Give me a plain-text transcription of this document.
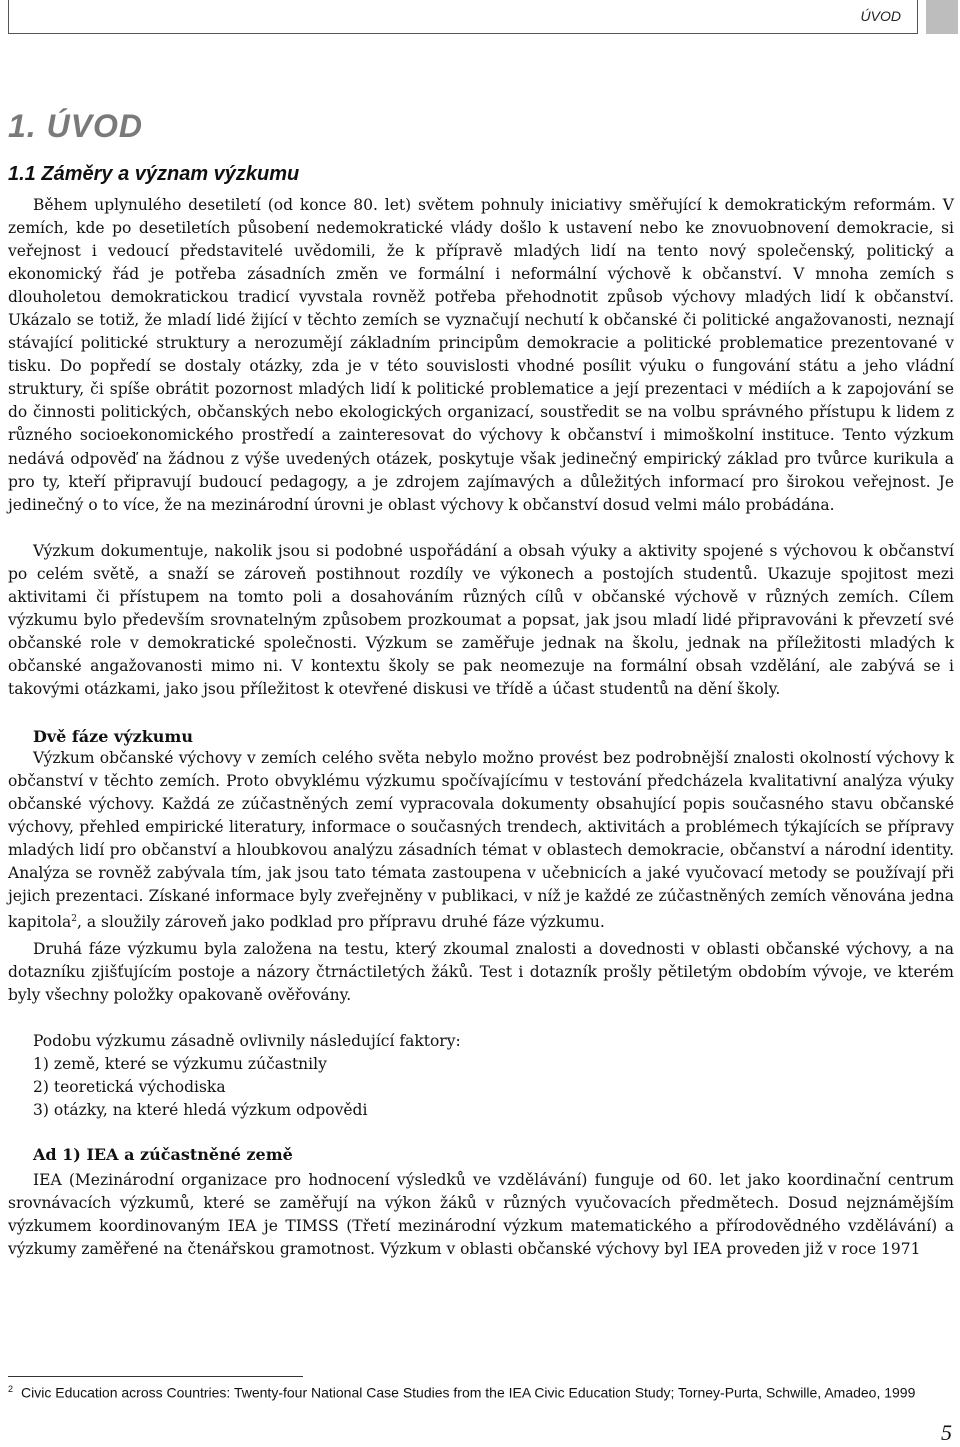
ÚVOD
1. ÚVOD
1.1 Záměry a význam výzkumu

Během uplynulého desetiletí (od konce 80. let) světem pohnuly iniciativy směřující k demokratickým reformám. V zemích, kde po desetiletích působení nedemokratické vlády došlo k ustavení nebo ke znovuobnovení demokracie, si veřejnost i vedoucí představitelé uvědomili, že k přípravě mladých lidí na tento nový společenský, politický a ekonomický řád je potřeba zásadních změn ve formální i neformální výchově k občanství. V mnoha zemích s dlouholetou demokratickou tradicí vyvstala rovněž potřeba přehodnotit způsob výchovy mladých lidí k občanství. Ukázalo se totiž, že mladí lidé žijící v těchto zemích se vyznačují nechutí k občanské či politické angažovanosti, neznají stávající politické struktury a nerozumějí základním principům demokracie a politické problematice prezentované v tisku. Do popředí se dostaly otázky, zda je v této souvislosti vhodné posílit výuku o fungování státu a jeho vládní struktury, či spíše obrátit pozornost mladých lidí k politické problematice a její prezentaci v médiích a k zapojování se do činnosti politických, občanských nebo ekologických organizací, soustředit se na volbu správného přístupu k lidem z různého socioekonomického prostředí a zainteresovat do výchovy k občanství i mimoškolní instituce. Tento výzkum nedává odpověď na žádnou z výše uvedených otázek, poskytuje však jedinečný empirický základ pro tvůrce kurikula a pro ty, kteří připravují budoucí pedagogy, a je zdrojem zajímavých a důležitých informací pro širokou veřejnost. Je jedinečný o to více, že na mezinárodní úrovni je oblast výchovy k občanství dosud velmi málo probádána.

Výzkum dokumentuje, nakolik jsou si podobné uspořádání a obsah výuky a aktivity spojené s výchovou k občanství po celém světě, a snaží se zároveň postihnout rozdíly ve výkonech a postojích studentů. Ukazuje spojitost mezi aktivitami či přístupem na tomto poli a dosahováním různých cílů v občanské výchově v různých zemích. Cílem výzkumu bylo především srovnatelným způsobem prozkoumat a popsat, jak jsou mladí lidé připravováni k převzetí své občanské role v demokratické společnosti. Výzkum se zaměřuje jednak na školu, jednak na příležitosti mladých k občanské angažovanosti mimo ni. V kontextu školy se pak neomezuje na formální obsah vzdělání, ale zabývá se i takovými otázkami, jako jsou příležitost k otevřené diskusi ve třídě a účast studentů na dění školy.

Dvě fáze výzkumu

Výzkum občanské výchovy v zemích celého světa nebylo možno provést bez podrobnější znalosti okolností výchovy k občanství v těchto zemích. Proto obvyklému výzkumu spočívajícímu v testování předcházela kvalitativní analýza výuky občanské výchovy. Každá ze zúčastněných zemí vypracovala dokumenty obsahující popis současného stavu občanské výchovy, přehled empirické literatury, informace o současných trendech, aktivitách a problémech týkajících se přípravy mladých lidí pro občanství a hloubkovou analýzu zásadních témat v oblastech demokracie, občanství a národní identity. Analýza se rovněž zabývala tím, jak jsou tato témata zastoupena v učebnicích a jaké vyučovací metody se používají při jejich prezentaci. Získané informace byly zveřejněny v publikaci, v níž je každé ze zúčastněných zemích věnována jedna kapitola$^2$, a sloužily zároveň jako podklad pro přípravu druhé fáze výzkumu.

Druhá fáze výzkumu byla založena na testu, který zkoumal znalosti a dovednosti v oblasti občanské výchovy, a na dotazníku zjišťujícím postoje a názory čtrnáctiletých žáků. Test i dotazník prošly pětiletým obdobím vývoje, ve kterém byly všechny položky opakovaně ověřovány.

Podobu výzkumu zásadně ovlivnily následující faktory:
1) země, které se výzkumu zúčastnily
2) teoretická východiska
3) otázky, na které hledá výzkum odpovědi
Ad 1) IEA a zúčastněné země

IEA (Mezinárodní organizace pro hodnocení výsledků ve vzdělávání) funguje od 60. let jako koordinační centrum srovnávacích výzkumů, které se zaměřují na výkon žáků v různých vyučovacích předmětech. Dosud nejznámějším výzkumem koordinovaným IEA je TIMSS (Třetí mezinárodní výzkum matematického a přírodovědného vzdělávání) a výzkumy zaměřené na čtenářskou gramotnost. Výzkum v oblasti občanské výchovy byl IEA proveden již v roce 1971

$^2$ Civic Education across Countries: Twenty-four National Case Studies from the IEA Civic Education Study; Torney-Purta, Schwille, Amadeo, 1999
5
